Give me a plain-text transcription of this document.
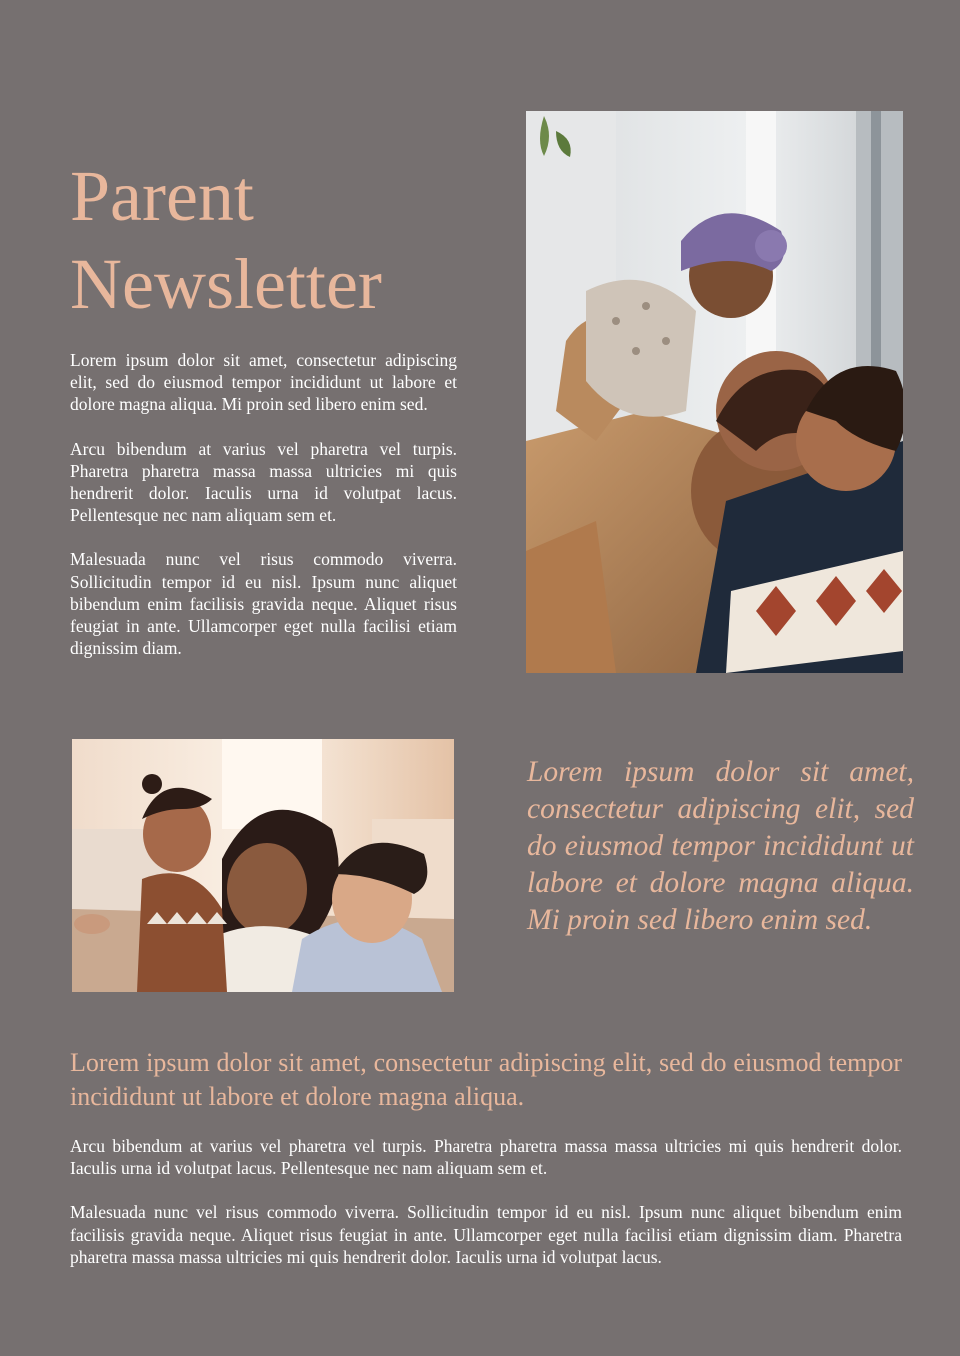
Parent
Newsletter

Lorem ipsum dolor sit amet, consectetur adipiscing elit, sed do eiusmod tempor incididunt ut labore et dolore magna aliqua. Mi proin sed libero enim sed.

Arcu bibendum at varius vel pharetra vel turpis. Pharetra pharetra massa massa ultricies mi quis hendrerit dolor. Iaculis urna id volutpat lacus. Pellentesque nec nam aliquam sem et.

Malesuada nunc vel risus commodo viverra. Sollicitudin tempor id eu nisl. Ipsum nunc aliquet bibendum enim facilisis gravida neque. Aliquet risus feugiat in ante. Ullamcorper eget nulla facilisi etiam dignissim diam.

Lorem ipsum dolor sit amet, consectetur adipiscing elit, sed do eiusmod tempor incididunt ut labore et dolore magna aliqua. Mi proin sed libero enim sed.

Lorem ipsum dolor sit amet, consectetur adipiscing elit, sed do eiusmod tempor incididunt ut labore et dolore magna aliqua.

Arcu bibendum at varius vel pharetra vel turpis. Pharetra pharetra massa massa ultricies mi quis hendrerit dolor. Iaculis urna id volutpat lacus. Pellentesque nec nam aliquam sem et.

Malesuada nunc vel risus commodo viverra. Sollicitudin tempor id eu nisl. Ipsum nunc aliquet bibendum enim facilisis gravida neque. Aliquet risus feugiat in ante. Ullamcorper eget nulla facilisi etiam dignissim diam. Pharetra pharetra massa massa ultricies mi quis hendrerit dolor. Iaculis urna id volutpat lacus.
